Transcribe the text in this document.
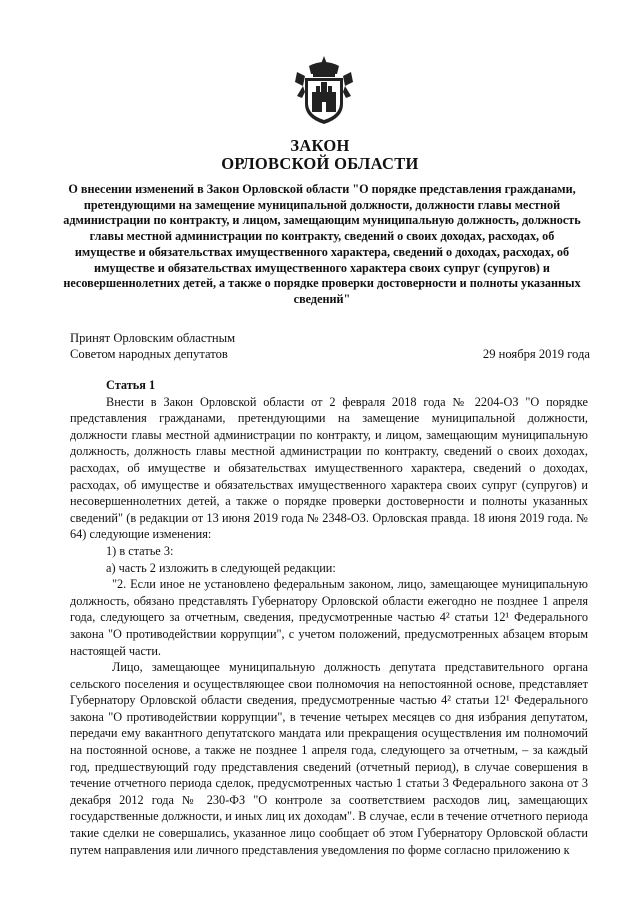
ЗАКОН
ОРЛОВСКОЙ ОБЛАСТИ
О внесении изменений в Закон Орловской области "О порядке представления гражданами, претендующими на замещение муниципальной должности, должности главы местной администрации по контракту, и лицом, замещающим муниципальную должность, должность главы местной администрации по контракту, сведений о своих доходах, расходах, об имуществе и обязательствах имущественного характера, сведений о доходах, расходах, об имуществе и обязательствах имущественного характера своих супруг (супругов) и несовершеннолетних детей, а также о порядке проверки достоверности и полноты указанных сведений"
Принят Орловским областным
Советом народных депутатов	29 ноября 2019 года

Статья 1

Внести в Закон Орловской области от 2 февраля 2018 года № 2204-ОЗ "О порядке представления гражданами, претендующими на замещение муниципальной должности, должности главы местной администрации по контракту, и лицом, замещающим муниципальную должность, должность главы местной администрации по контракту, сведений о своих доходах, расходах, об имуществе и обязательствах имущественного характера, сведений о доходах, расходах, об имуществе и обязательствах имущественного характера своих супруг (супругов) и несовершеннолетних детей, а также о порядке проверки достоверности и полноты указанных сведений" (в редакции от 13 июня 2019 года № 2348-ОЗ. Орловская правда. 18 июня 2019 года. № 64) следующие изменения:

1) в статье 3:

а) часть 2 изложить в следующей редакции:

"2. Если иное не установлено федеральным законом, лицо, замещающее муниципальную должность, обязано представлять Губернатору Орловской области ежегодно не позднее 1 апреля года, следующего за отчетным, сведения, предусмотренные частью 4² статьи 12¹ Федерального закона "О противодействии коррупции", с учетом положений, предусмотренных абзацем вторым настоящей части.

Лицо, замещающее муниципальную должность депутата представительного органа сельского поселения и осуществляющее свои полномочия на непостоянной основе, представляет Губернатору Орловской области сведения, предусмотренные частью 4² статьи 12¹ Федерального закона "О противодействии коррупции", в течение четырех месяцев со дня избрания депутатом, передачи ему вакантного депутатского мандата или прекращения осуществления им полномочий на постоянной основе, а также не позднее 1 апреля года, следующего за отчетным, – за каждый год, предшествующий году представления сведений (отчетный период), в случае совершения в течение отчетного периода сделок, предусмотренных частью 1 статьи 3 Федерального закона от 3 декабря 2012 года № 230-ФЗ "О контроле за соответствием расходов лиц, замещающих государственные должности, и иных лиц их доходам". В случае, если в течение отчетного периода такие сделки не совершались, указанное лицо сообщает об этом Губернатору Орловской области путем направления или личного представления уведомления по форме согласно приложению к
